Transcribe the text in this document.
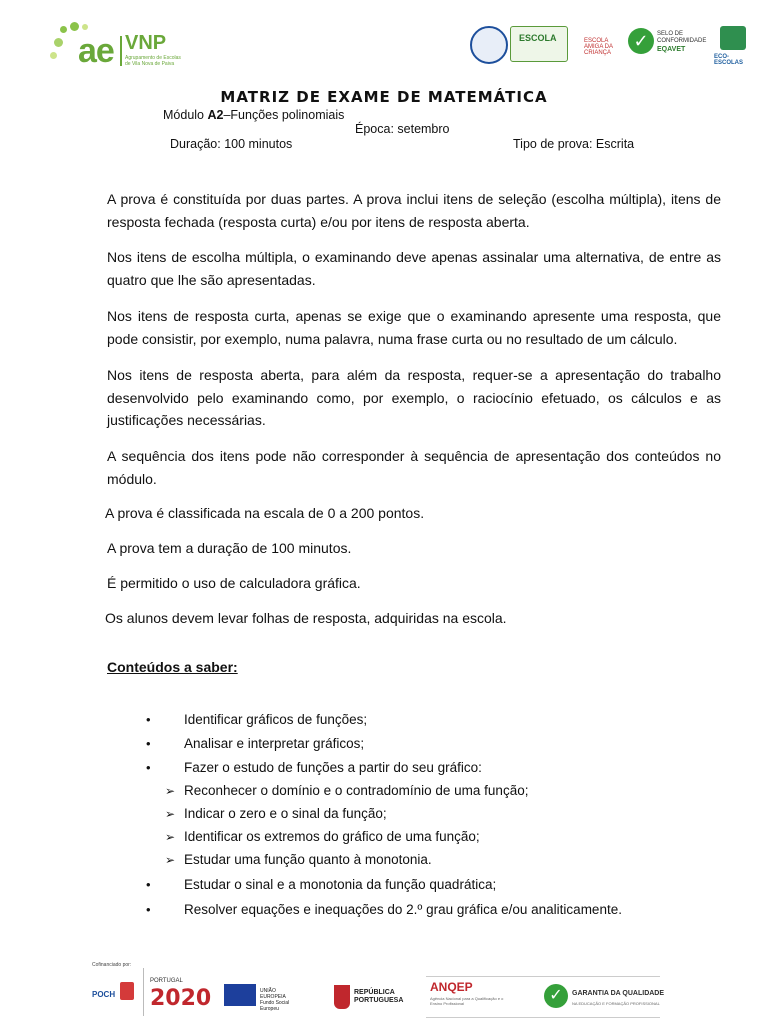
ae VNP
Agrupamento de Escolas de Vila Nova de Paiva
ESCOLA	ESCOLA AMIGA DA CRIANÇA
✓	SELO DE CONFORMIDADE
EQAVET
ECO-ESCOLAS
MATRIZ DE EXAME DE MATEMÁTICA
Módulo A2–Funções polinomiais
Época: setembro
Duração: 100 minutos	Tipo de prova: Escrita

A prova é constituída por duas partes. A prova inclui itens de seleção (escolha múltipla), itens de resposta fechada (resposta curta) e/ou por itens de resposta aberta.

Nos itens de escolha múltipla, o examinando deve apenas assinalar uma alternativa, de entre as quatro que lhe são apresentadas.

Nos itens de resposta curta, apenas se exige que o examinando apresente uma resposta, que pode consistir, por exemplo, numa palavra, numa frase curta ou no resultado de um cálculo.

Nos itens de resposta aberta, para além da resposta, requer-se a apresentação do trabalho desenvolvido pelo examinando como, por exemplo, o raciocínio efetuado, os cálculos e as justificações necessárias.

A sequência dos itens pode não corresponder à sequência de apresentação dos conteúdos no módulo.

A prova é classificada na escala de 0 a 200 pontos.
A prova tem a duração de 100 minutos.
É permitido o uso de calculadora gráfica.
Os alunos devem levar folhas de resposta, adquiridas na escola.
Conteúdos a saber:
• Identificar gráficos de funções;
• Analisar e interpretar gráficos;
• Fazer o estudo de funções a partir do seu gráfico:
➢ Reconhecer o domínio e o contradomínio de uma função;
➢ Indicar o zero e o sinal da função;
➢ Identificar os extremos do gráfico de uma função;
➢ Estudar uma função quanto à monotonia.
• Estudar o sinal e a monotonia da função quadrática;
• Resolver equações e inequações do 2.º grau gráfica e/ou analiticamente.
Cofinanciado por:
POCH
PORTUGAL
2020	UNIÃO EUROPEIA Fundo Social Europeu
REPÚBLICA PORTUGUESA
ANQEP
Agência Nacional para a Qualificação e o Ensino Profissional	✓	GARANTIA DA QUALIDADE
NA EDUCAÇÃO E FORMAÇÃO PROFISSIONAL
